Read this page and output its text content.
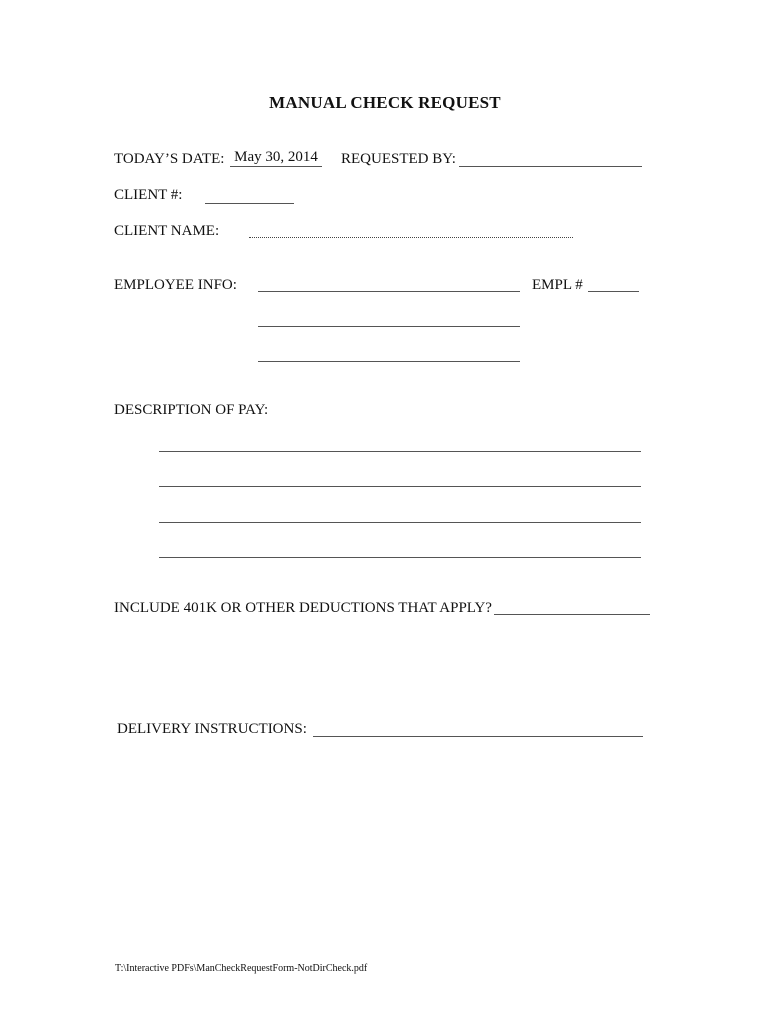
MANUAL CHECK REQUEST
TODAY’S DATE: May 30, 2014 REQUESTED BY:
CLIENT #:
CLIENT NAME:
EMPLOYEE INFO:	EMPL #
DESCRIPTION OF PAY:
INCLUDE 401K OR OTHER DEDUCTIONS THAT APPLY?
DELIVERY INSTRUCTIONS:
T:\Interactive PDFs\ManCheckRequestForm-NotDirCheck.pdf
